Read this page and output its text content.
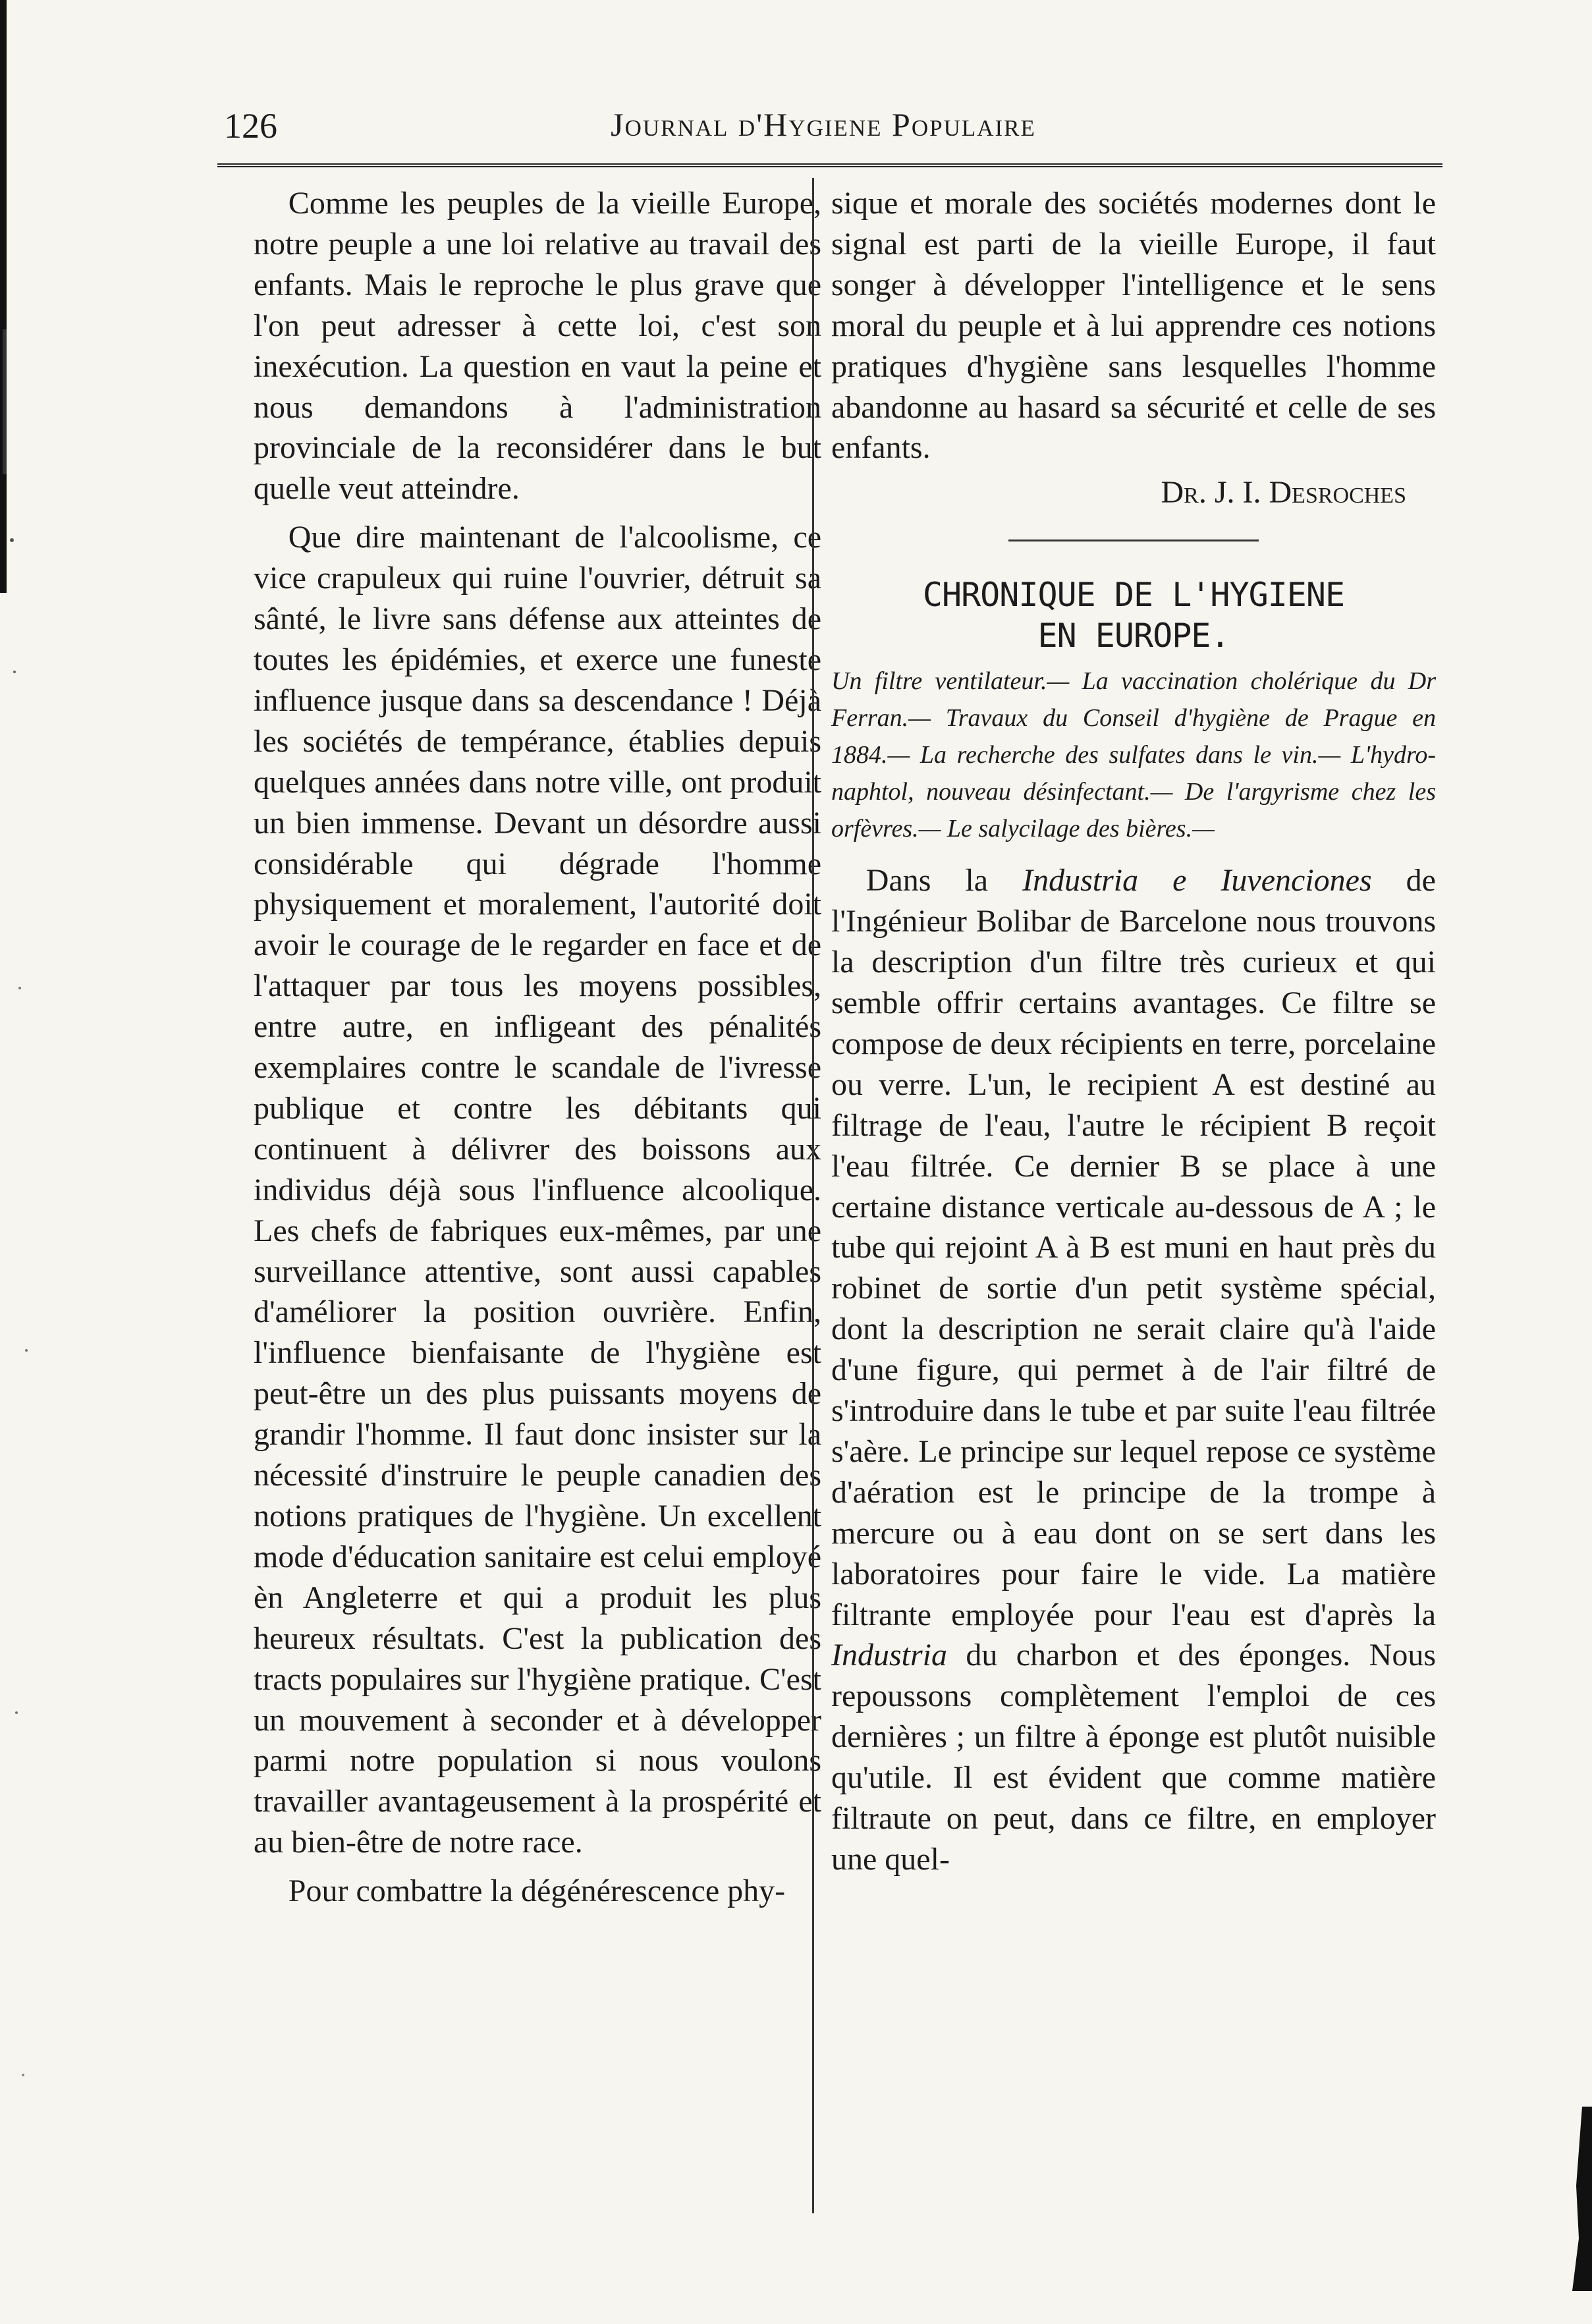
126	Journal d'Hygiene Populaire

Comme les peuples de la vieille Europe, notre peuple a une loi relative au travail des enfants. Mais le reproche le plus grave que l'on peut adresser à cette loi, c'est son inexécution. La question en vaut la peine et nous demandons à l'administration provinciale de la reconsidérer dans le but quelle veut atteindre.

Que dire maintenant de l'alcoolisme, ce vice crapuleux qui ruine l'ouvrier, détruit sa sânté, le livre sans défense aux atteintes de toutes les épidémies, et exerce une funeste influence jusque dans sa descendance ! Déjà les sociétés de tempérance, établies depuis quelques années dans notre ville, ont produit un bien immense. Devant un désordre aussi considérable qui dégrade l'homme physiquement et moralement, l'autorité doit avoir le courage de le regarder en face et de l'attaquer par tous les moyens possibles, entre autre, en infligeant des pénalités exemplaires contre le scandale de l'ivresse publique et contre les débitants qui continuent à délivrer des boissons aux individus déjà sous l'influence alcoolique. Les chefs de fabriques eux-mêmes, par une surveillance attentive, sont aussi capables d'améliorer la position ouvrière. Enfin, l'influence bienfaisante de l'hygiène est peut-être un des plus puissants moyens de grandir l'homme. Il faut donc insister sur la nécessité d'instruire le peuple canadien des notions pratiques de l'hygiène. Un excellent mode d'éducation sanitaire est celui employé èn Angleterre et qui a produit les plus heureux résultats. C'est la publication des tracts populaires sur l'hygiène pratique. C'est un mouvement à seconder et à développer parmi notre population si nous voulons travailler avantageusement à la prospérité et au bien-être de notre race.

Pour combattre la dégénérescence phy-

sique et morale des sociétés modernes dont le signal est parti de la vieille Europe, il faut songer à développer l'intelligence et le sens moral du peuple et à lui apprendre ces notions pratiques d'hygiène sans lesquelles l'homme abandonne au hasard sa sécurité et celle de ses enfants.

Dr. J. I. Desroches

CHRONIQUE DE L'HYGIENE
EN EUROPE.

Un filtre ventilateur.— La vaccination cholérique du Dr Ferran.— Travaux du Conseil d'hygiène de Prague en 1884.— La recherche des sulfates dans le vin.— L'hydro-naphtol, nouveau désinfectant.— De l'argyrisme chez les orfèvres.— Le salycilage des bières.—

Dans la Industria e Iuvenciones de l'Ingénieur Bolibar de Barcelone nous trouvons la description d'un filtre très curieux et qui semble offrir certains avantages. Ce filtre se compose de deux récipients en terre, porcelaine ou verre. L'un, le recipient A est destiné au filtrage de l'eau, l'autre le récipient B reçoit l'eau filtrée. Ce dernier B se place à une certaine distance verticale au-dessous de A ; le tube qui rejoint A à B est muni en haut près du robinet de sortie d'un petit système spécial, dont la description ne serait claire qu'à l'aide d'une figure, qui permet à de l'air filtré de s'introduire dans le tube et par suite l'eau filtrée s'aère. Le principe sur lequel repose ce système d'aération est le principe de la trompe à mercure ou à eau dont on se sert dans les laboratoires pour faire le vide. La matière filtrante employée pour l'eau est d'après la Industria du charbon et des éponges. Nous repoussons complètement l'emploi de ces dernières ; un filtre à éponge est plutôt nuisible qu'utile. Il est évident que comme matière filtraute on peut, dans ce filtre, en employer une quel-
